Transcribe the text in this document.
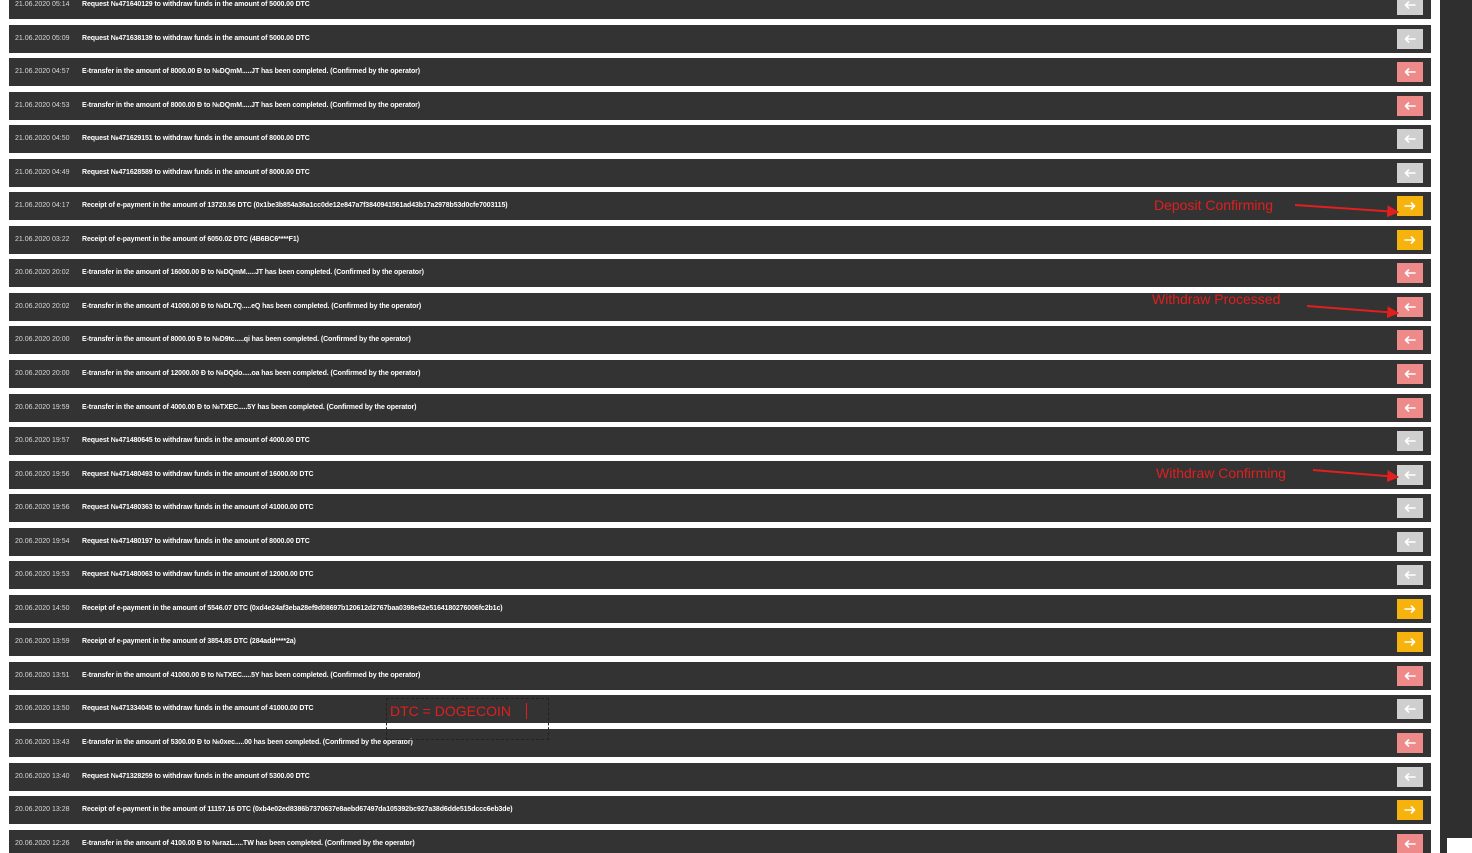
21.06.2020 05:14 Request №471640129 to withdraw funds in the amount of 5000.00 DTC
21.06.2020 05:09 Request №471638139 to withdraw funds in the amount of 5000.00 DTC
21.06.2020 04:57 E-transfer in the amount of 8000.00 Ð to №DQmM.....JT has been completed. (Confirmed by the operator)
21.06.2020 04:53 E-transfer in the amount of 8000.00 Ð to №DQmM.....JT has been completed. (Confirmed by the operator)
21.06.2020 04:50 Request №471629151 to withdraw funds in the amount of 8000.00 DTC
21.06.2020 04:49 Request №471628589 to withdraw funds in the amount of 8000.00 DTC
21.06.2020 04:17 Receipt of e-payment in the amount of 13720.56 DTC (0x1be3b854a36a1cc0de12e847a7f3840941561ad43b17a2978b53d0cfe7003115)
21.06.2020 03:22 Receipt of e-payment in the amount of 6050.02 DTC (4B6BC6****F1)
20.06.2020 20:02 E-transfer in the amount of 16000.00 Ð to №DQmM.....JT has been completed. (Confirmed by the operator)
20.06.2020 20:02 E-transfer in the amount of 41000.00 Ð to №DL7Q.....eQ has been completed. (Confirmed by the operator)
20.06.2020 20:00 E-transfer in the amount of 8000.00 Ð to №D9tc.....qi has been completed. (Confirmed by the operator)
20.06.2020 20:00 E-transfer in the amount of 12000.00 Ð to №DQdo.....oa has been completed. (Confirmed by the operator)
20.06.2020 19:59 E-transfer in the amount of 4000.00 Ð to №TXEC.....5Y has been completed. (Confirmed by the operator)
20.06.2020 19:57 Request №471480645 to withdraw funds in the amount of 4000.00 DTC
20.06.2020 19:56 Request №471480493 to withdraw funds in the amount of 16000.00 DTC
20.06.2020 19:56 Request №471480363 to withdraw funds in the amount of 41000.00 DTC
20.06.2020 19:54 Request №471480197 to withdraw funds in the amount of 8000.00 DTC
20.06.2020 19:53 Request №471480063 to withdraw funds in the amount of 12000.00 DTC
20.06.2020 14:50 Receipt of e-payment in the amount of 5546.07 DTC (0xd4e24af3eba28ef9d08697b120612d2767baa0398e62e5164180276006fc2b1c)
20.06.2020 13:59 Receipt of e-payment in the amount of 3854.85 DTC (284add****2a)
20.06.2020 13:51 E-transfer in the amount of 41000.00 Ð to №TXEC.....5Y has been completed. (Confirmed by the operator)
20.06.2020 13:50 Request №471334045 to withdraw funds in the amount of 41000.00 DTC
20.06.2020 13:43 E-transfer in the amount of 5300.00 Ð to №0xec.....00 has been completed. (Confirmed by the operator)
20.06.2020 13:40 Request №471328259 to withdraw funds in the amount of 5300.00 DTC
20.06.2020 13:28 Receipt of e-payment in the amount of 11157.16 DTC (0xb4e02ed8386b7370637e8aebd67497da105392bc927a38d6dde515dccc6eb3de)
20.06.2020 12:26 E-transfer in the amount of 4100.00 Ð to №razL.....TW has been completed. (Confirmed by the operator)
Deposit Confirming
Withdraw Processed
Withdraw Confirming
DTC = DOGECOIN
